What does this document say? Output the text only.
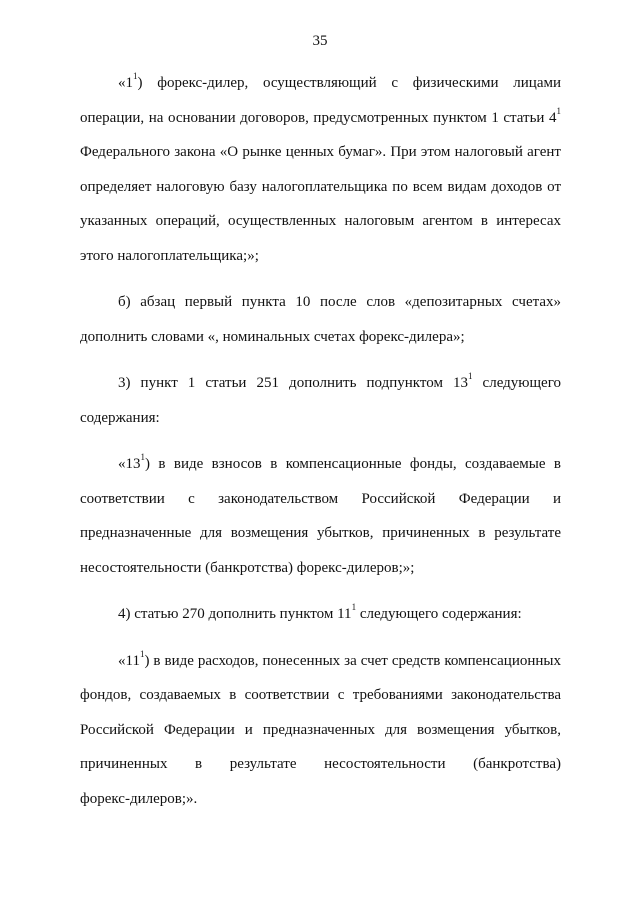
35
«$1^1$) форекс-дилер, осуществляющий с физическими лицами
операции, на основании договоров, предусмотренных пунктом 1 статьи $4^1$
Федерального закона «О рынке ценных бумаг». При этом налоговый агент
определяет налоговую базу налогоплательщика по всем видам доходов от
указанных операций, осуществленных налоговым агентом в интересах
этого налогоплательщика;»;
б) абзац первый пункта 10 после слов «депозитарных счетах»
дополнить словами «, номинальных счетах форекс-дилера»;
3) пункт 1 статьи 251 дополнить подпунктом $13^1$ следующего
содержания:
«$13^1$) в виде взносов в компенсационные фонды, создаваемые в
соответствии с законодательством Российской Федерации и
предназначенные для возмещения убытков, причиненных в результате
несостоятельности (банкротства) форекс-дилеров;»;
4) статью 270 дополнить пунктом $11^1$ следующего содержания:
«$11^1$) в виде расходов, понесенных за счет средств компенсационных
фондов, создаваемых в соответствии с требованиями законодательства
Российской Федерации и предназначенных для возмещения убытков,
причиненных в результате несостоятельности (банкротства)
форекс-дилеров;».
